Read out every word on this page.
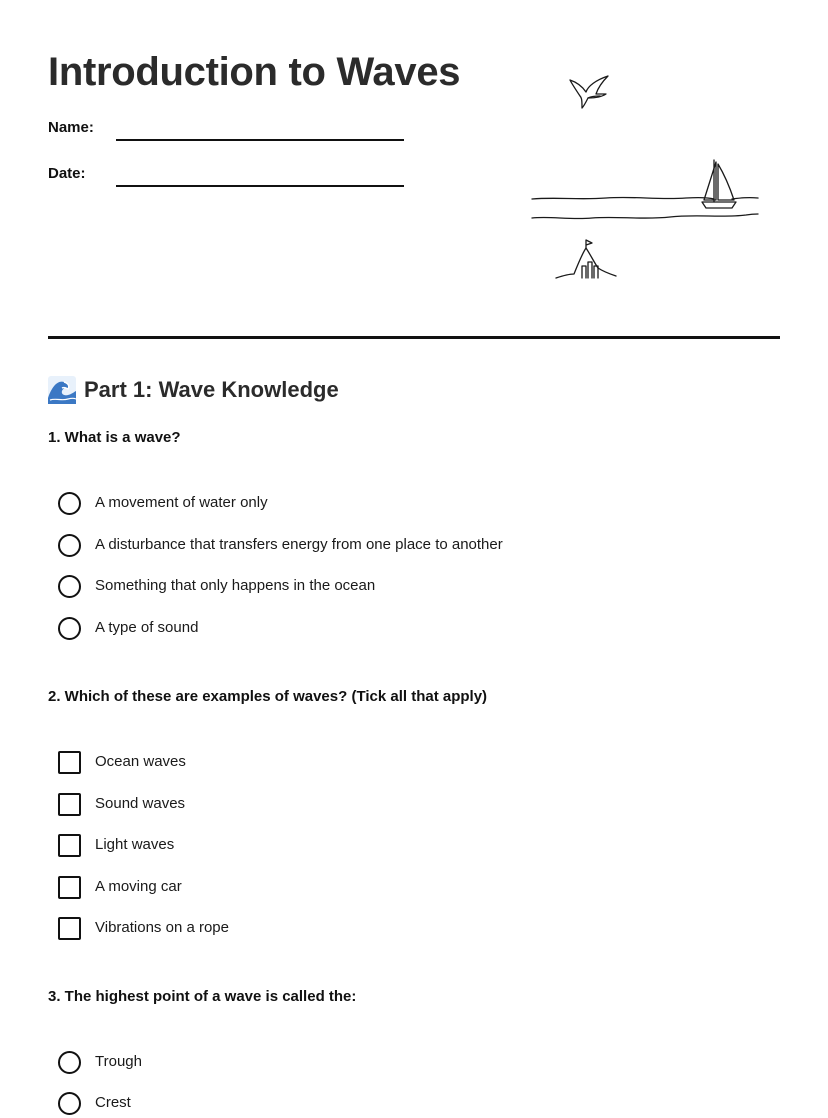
Introduction to Waves
Name:
Date:
Part 1: Wave Knowledge

1. What is a wave?

A movement of water only
A disturbance that transfers energy from one place to another
Something that only happens in the ocean
A type of sound

2. Which of these are examples of waves? (Tick all that apply)

Ocean waves
Sound waves
Light waves
A moving car
Vibrations on a rope

3. The highest point of a wave is called the:

Trough
Crest
